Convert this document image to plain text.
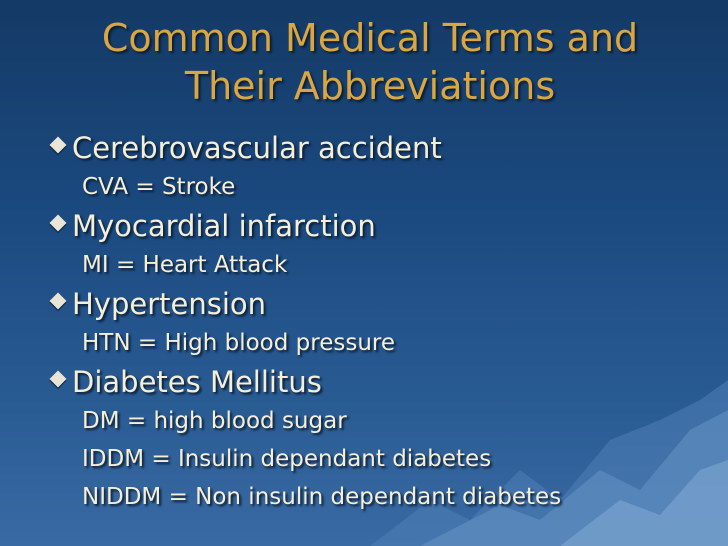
Common Medical Terms and
Their Abbreviations
Cerebrovascular accident
CVA = Stroke
Myocardial infarction
MI = Heart Attack
Hypertension
HTN = High blood pressure
Diabetes Mellitus
DM = high blood sugar
IDDM = Insulin dependant diabetes
NIDDM = Non insulin dependant diabetes
